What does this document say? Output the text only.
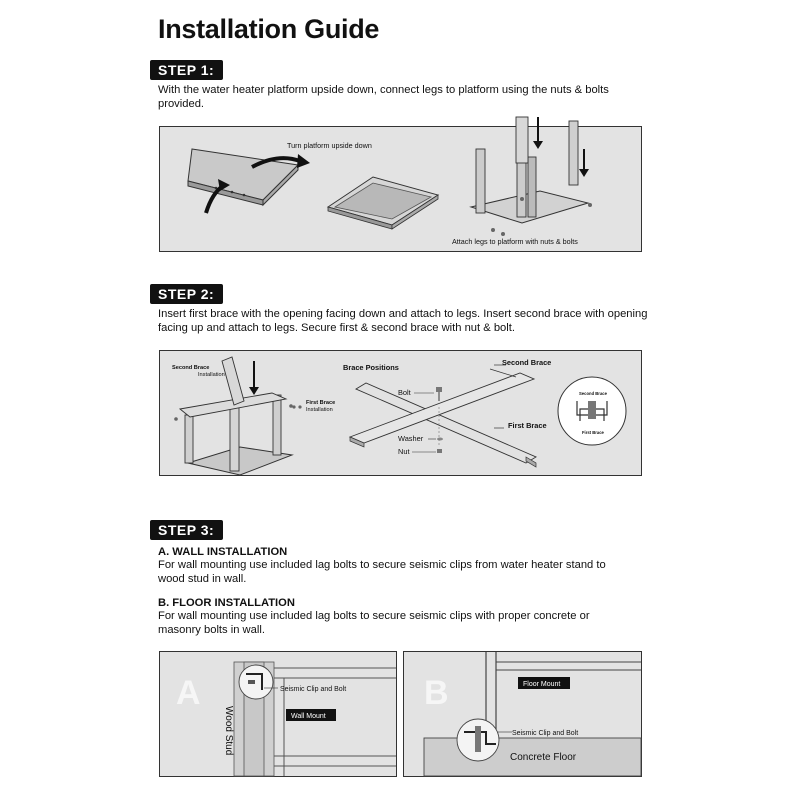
Installation Guide
STEP 1:
With the water heater platform upside down, connect legs to platform using the nuts & bolts provided.
Turn platform upside down
Attach legs to platform with nuts & bolts
STEP 2:
Insert first brace with the opening facing down and attach to legs. Insert second brace with opening facing up and attach to legs. Secure first & second brace with nut & bolt.
Second Brace
Installation
First Brace
Installation
Brace Positions
Second Brace
First Brace
Bolt
Washer
Nut
Second Brace
First Brace
STEP 3:
A. WALL INSTALLATION
For wall mounting use included lag bolts to secure seismic clips from water heater stand to wood stud in wall.
B. FLOOR INSTALLATION
For wall mounting use included lag bolts to secure seismic clips with proper concrete or masonry bolts in wall.
A	Seismic Clip and Bolt
Wall Mount
Wood Stud
B
Seismic Clip and Bolt
Floor Mount
Concrete Floor
